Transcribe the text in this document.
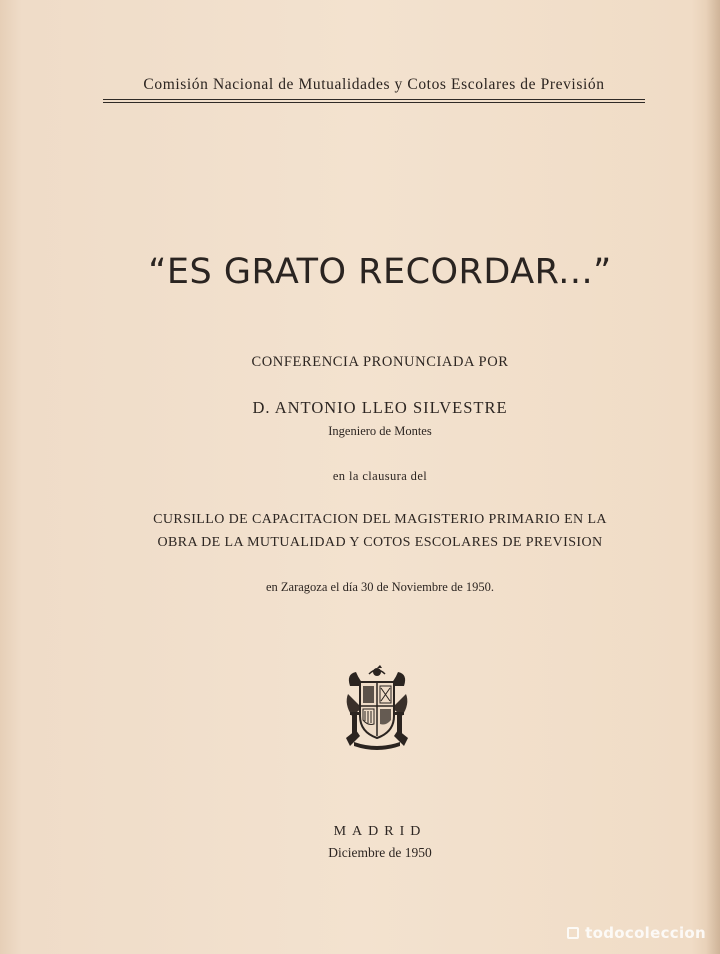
Comisión Nacional de Mutualidades y Cotos Escolares de Previsión
“ES GRATO RECORDAR...”
CONFERENCIA PRONUNCIADA POR
D. ANTONIO LLEO SILVESTRE
Ingeniero de Montes
en la clausura del
CURSILLO DE CAPACITACION DEL MAGISTERIO PRIMARIO EN LA
OBRA DE LA MUTUALIDAD Y COTOS ESCOLARES DE PREVISION
en Zaragoza el día 30 de Noviembre de 1950.
MADRID
Diciembre de 1950
todocoleccion
